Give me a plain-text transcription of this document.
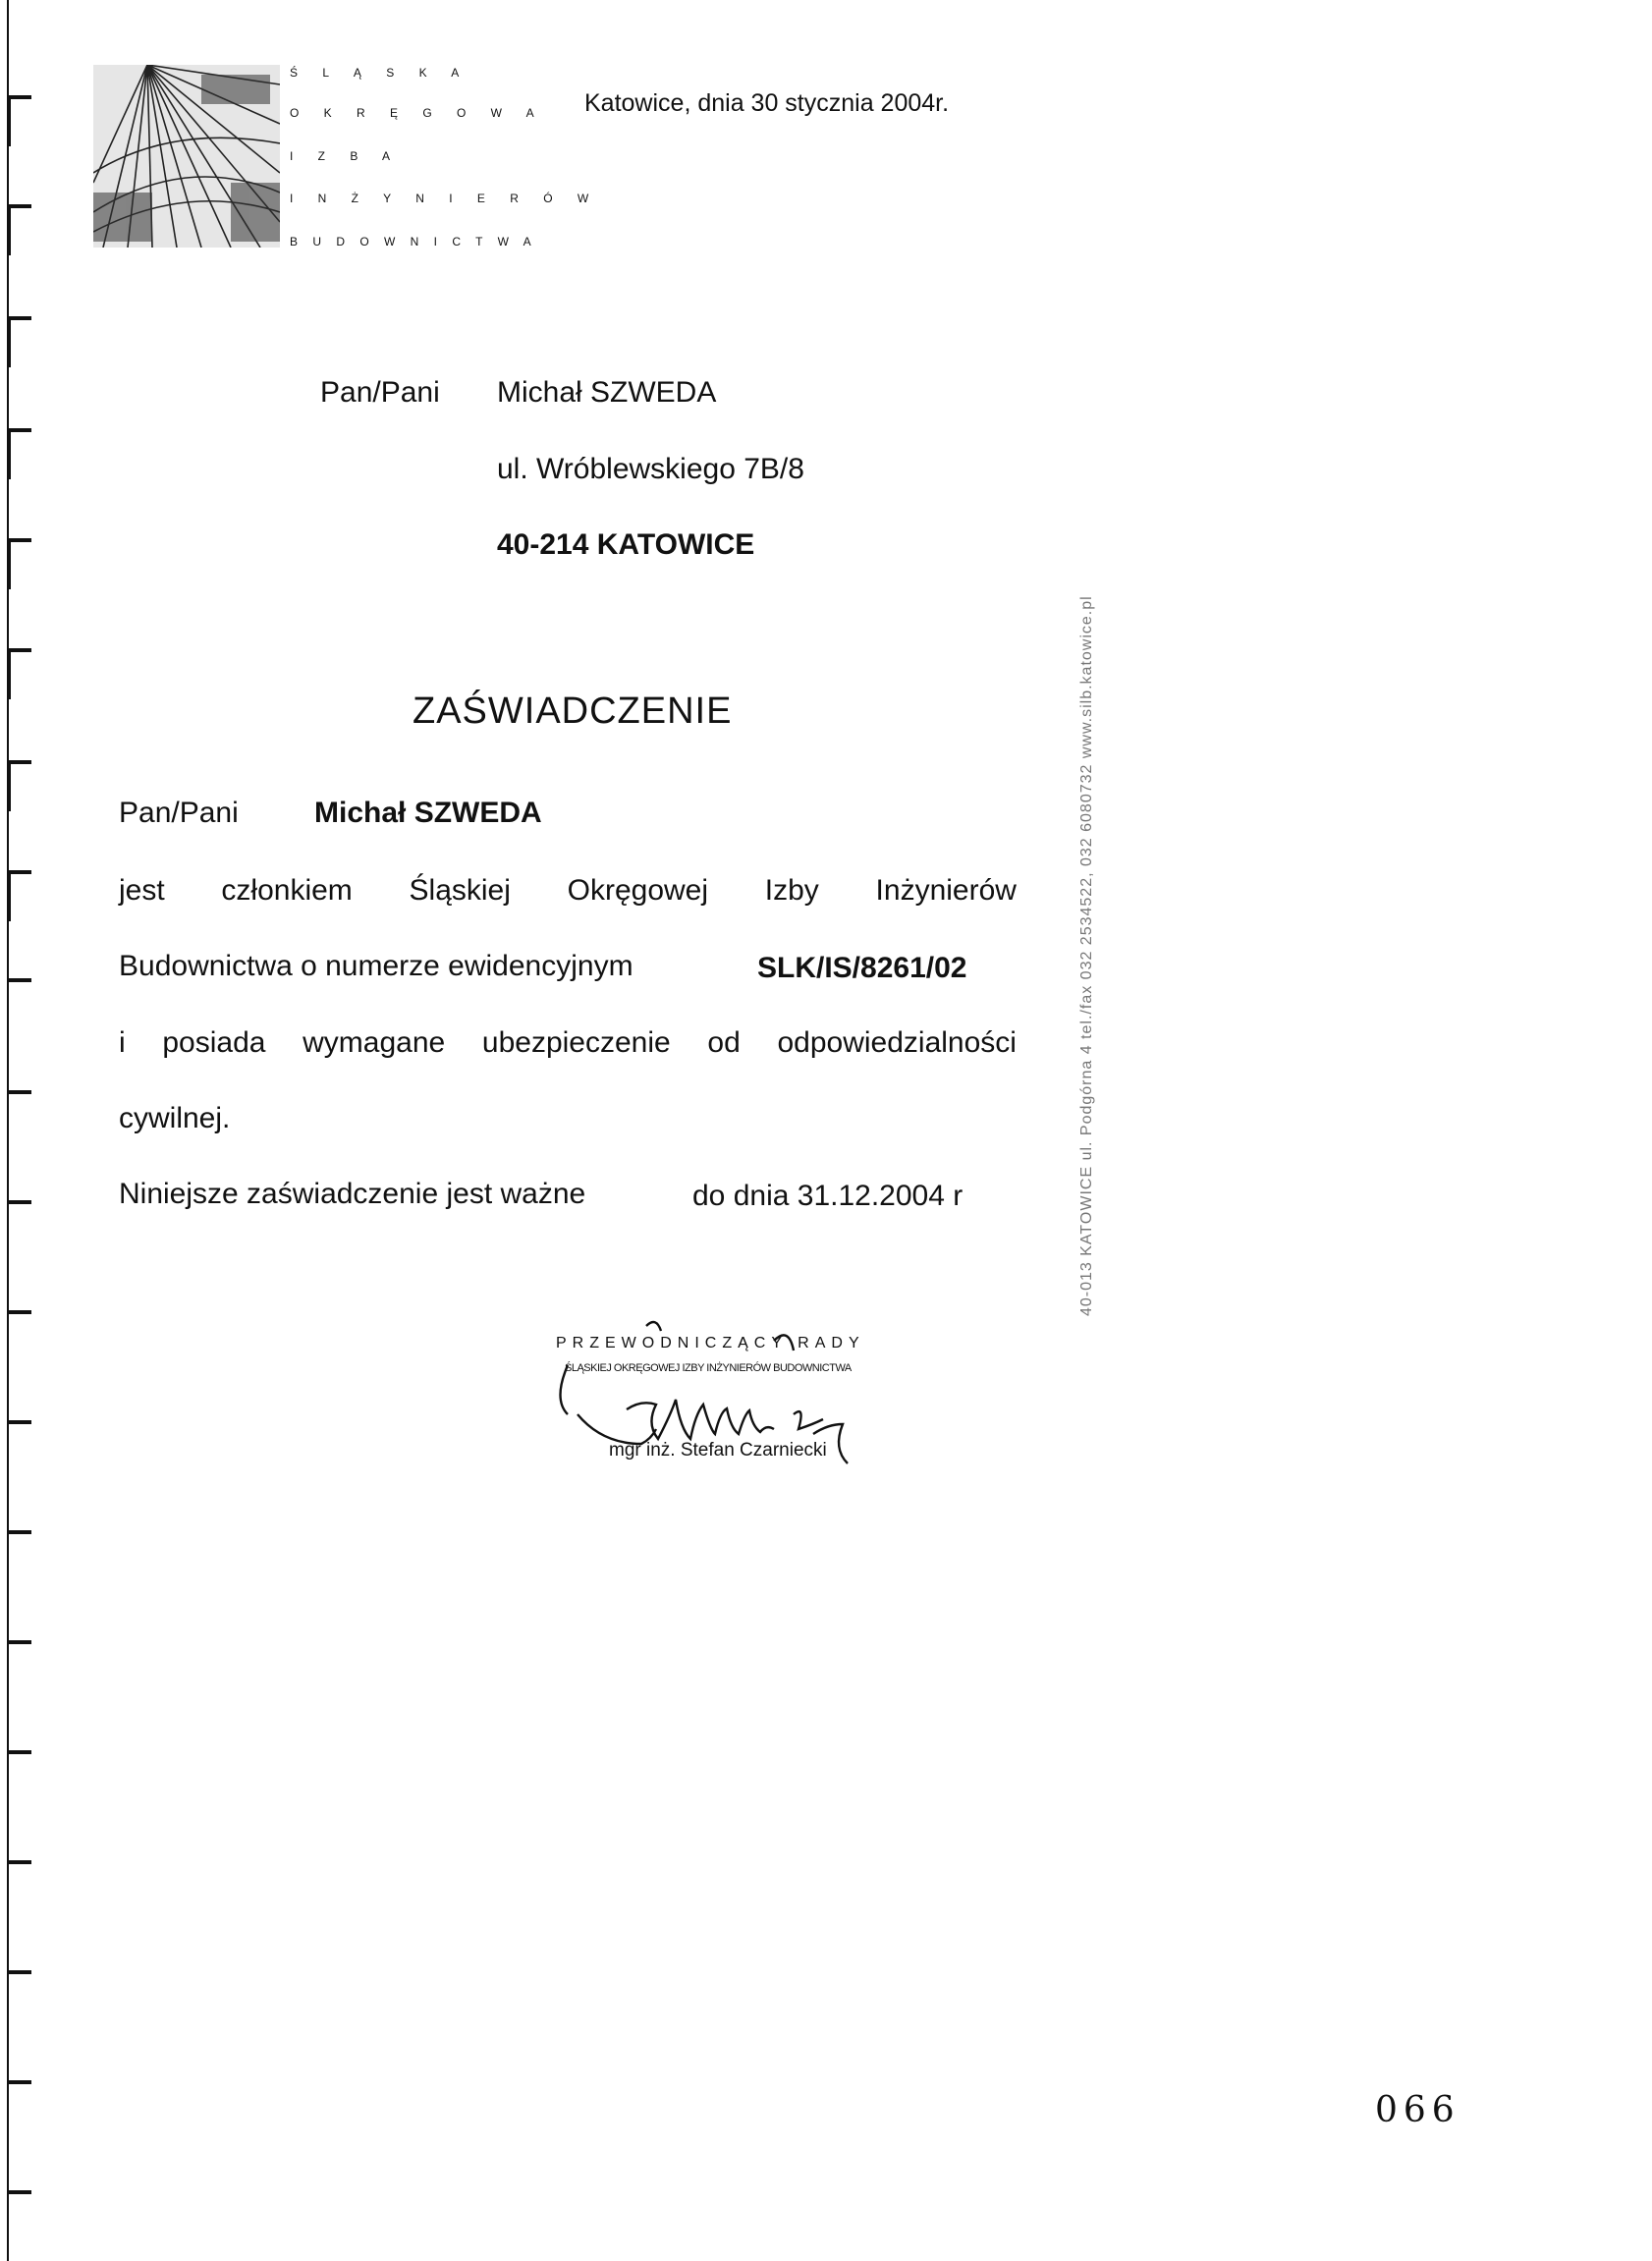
Ś L Ą S K A
O K R Ę G O W A
I Z B A
I N Ż Y N I E R Ó W
B U D O W N I C T W A
Katowice, dnia 30 stycznia 2004r.
Pan/Pani Michał SZWEDA
ul. Wróblewskiego 7B/8
40-214 KATOWICE
ZAŚWIADCZENIE
Pan/Pani	Michał SZWEDA
jest członkiem Śląskiej Okręgowej Izby Inżynierów
Budownictwa o numerze ewidencyjnym	SLK/IS/8261/02
i posiada wymagane ubezpieczenie od odpowiedzialności
cywilnej.
Niniejsze zaświadczenie jest ważne	do dnia 31.12.2004 r
PRZEWODNICZĄCY RADY
ŚLĄSKIEJ OKRĘGOWEJ IZBY INŻYNIERÓW BUDOWNICTWA
mgr inż. Stefan Czarniecki
40-013 KATOWICE ul. Podgórna 4 tel./fax 032 2534522, 032 6080732 www.silb.katowice.pl
066
